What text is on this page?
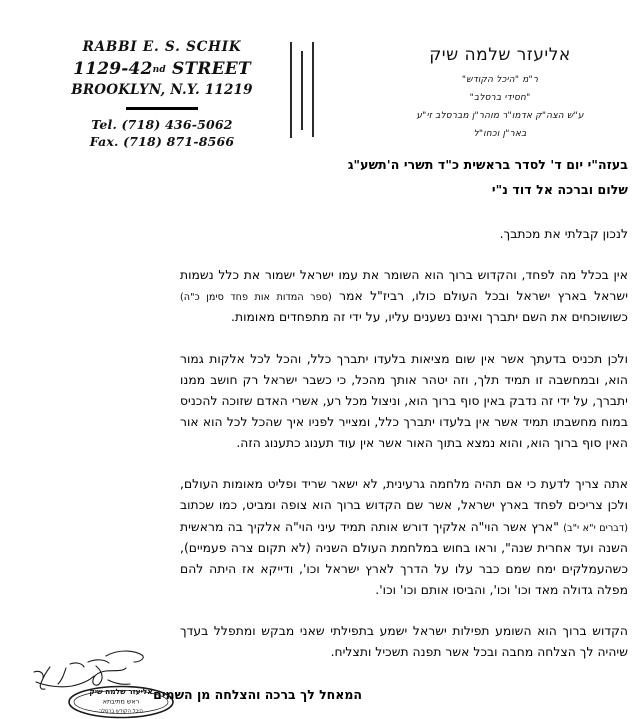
RABBI E. S. SCHIK
1129-42nd STREET
BROOKLYN, N.Y. 11219
Tel. (718) 436-5062
Fax. (718) 871-8566
אליעזר שלמה שיק
ר"מ "היכל הקודש"
"חסידי ברסלב"
ע"ש הצה"ק אדמו"ר מוהר"ן מברסלב זי"ע
באר"ן וכחו"ל
בעזה"י יום ד' לסדר בראשית כ"ד תשרי ה'תשע"ג
שלום וברכה אל דוד נ"י

לנכון קבלתי את מכתבך.

אין בכלל מה לפחד, והקדוש ברוך הוא השומר את עמו ישראל ישמור את כלל נשמות ישראל בארץ ישראל ובכל העולם כולו, רביז"ל אמר (ספר המדות אות פחד סימן כ"ה) כשושוכחים את השם יתברך ואינם נשענים עליו, על ידי זה מתפחדים מאומות.

ולכן תכניס בדעתך אשר אין שום מציאות בלעדו יתברך כלל, והכל לכל אלקות גמור הוא, ובמחשבה זו תמיד תלך, וזה יטהר אותך מהכל, כי כשבר ישראל רק חושב ממנו יתברך, על ידי זה נדבק באין סוף ברוך הוא, וניצול מכל רע, אשרי האדם שזוכה להכניס במוח מחשבתו תמיד אשר אין בלעדו יתברך כלל, ומצייר לפניו איך שהכל לכל הוא אור האין סוף ברוך הוא, והוא נמצא בתוך האור אשר אין עוד תענוג כתענוג הזה.

אתה צריך לדעת כי אם תהיה מלחמה גרעינית, לא ישאר שריד ופליט מאומות העולם, ולכן צריכים לפחד בארץ ישראל, אשר שם הקדוש ברוך הוא צופה ומביט, כמו שכתוב (דברים י"א י"ב) "ארץ אשר הוי"ה אלקיך דורש אותה תמיד עיני הוי"ה אלקיך בה מראשית השנה ועד אחרית שנה", וראו בחוש במלחמת העולם השניה (לא תקום צרה פעמיים), כשהעמלקים ימח שמם כבר עלו על הדרך לארץ ישראל וכו', ודייקא אז היתה להם מפלה גדולה מאד וכו' וכו', והביסו אותם וכו' וכו'.

הקדוש ברוך הוא השומע תפילות ישראל ישמע בתפילתי שאני מבקש ומתפלל בעדך שיהיה לך הצלחה מחבה ובכל אשר תפנה תשכיל ותצליח.

המאחל לך ברכה והצלחה מן השמים
אליעזר שלמה שיק
ראש מתיבתא
היכל הקודש ברסלב
